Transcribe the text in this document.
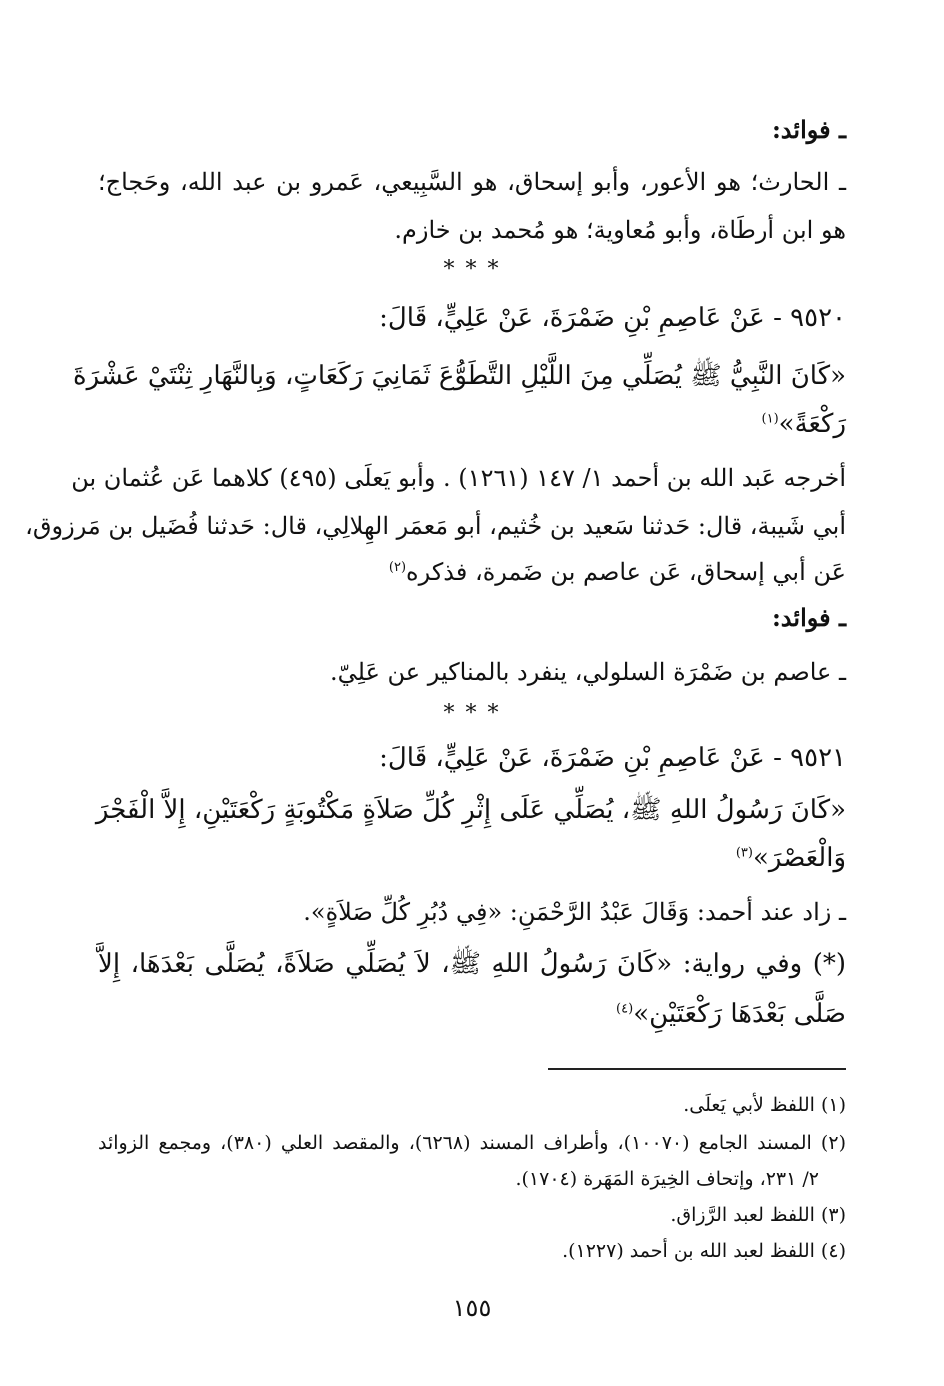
ـ فوائد:
ـ الحارث؛ هو الأعور، وأبو إسحاق، هو السَّبِيعي، عَمرو بن عبد الله، وحَجاج؛
هو ابن أرطَاة، وأبو مُعاوية؛ هو مُحمد بن خازم.
* * *
٩٥٢٠ - عَنْ عَاصِمِ بْنِ ضَمْرَةَ، عَنْ عَلِيٍّ، قَالَ:
«كَانَ النَّبِيُّ ﷺ يُصَلِّي مِنَ اللَّيْلِ التَّطَوُّعَ ثَمَانِيَ رَكَعَاتٍ، وَبِالنَّهَارِ ثِنْتَيْ عَشْرَةَ
رَكْعَةً»$^{(١)}$
أخرجه عَبد الله بن أحمد ١/ ١٤٧ (١٢٦١) . وأبو يَعلَى (٤٩٥) كلاهما عَن عُثمان بن
أبي شَيبة، قال: حَدثنا سَعيد بن خُثيم، أبو مَعمَر الهِلالِي، قال: حَدثنا فُضَيل بن مَرزوق،
عَن أبي إسحاق، عَن عاصم بن ضَمرة، فذكره$^{(٢)}$
ـ فوائد:
ـ عاصم بن ضَمْرَة السلولي، ينفرد بالمناكير عن عَلِيّ.
* * *
٩٥٢١ - عَنْ عَاصِمِ بْنِ ضَمْرَةَ، عَنْ عَلِيٍّ، قَالَ:
«كَانَ رَسُولُ اللهِ ﷺ، يُصَلِّي عَلَى إِثْرِ كُلِّ صَلاَةٍ مَكْتُوبَةٍ رَكْعَتَيْنِ، إِلاَّ الْفَجْرَ
وَالْعَصْرَ»$^{(٣)}$
ـ زاد عند أحمد: وَقَالَ عَبْدُ الرَّحْمَنِ: «فِي دُبُرِ كُلِّ صَلاَةٍ».
(*) وفي رواية: «كَانَ رَسُولُ اللهِ ﷺ، لاَ يُصَلِّي صَلاَةً، يُصَلَّى بَعْدَهَا، إِلاَّ
صَلَّى بَعْدَهَا رَكْعَتَيْنِ»$^{(٤)}$
(١) اللفظ لأبي يَعلَى.
(٢) المسند الجامع (١٠٠٧٠)، وأطراف المسند (٦٢٦٨)، والمقصد العلي (٣٨٠)، ومجمع الزوائد
٢/ ٢٣١، وإتحاف الخِيرَة المَهَرة (١٧٠٤).
(٣) اللفظ لعبد الرَّزاق.
(٤) اللفظ لعبد الله بن أحمد (١٢٢٧).
١٥٥
